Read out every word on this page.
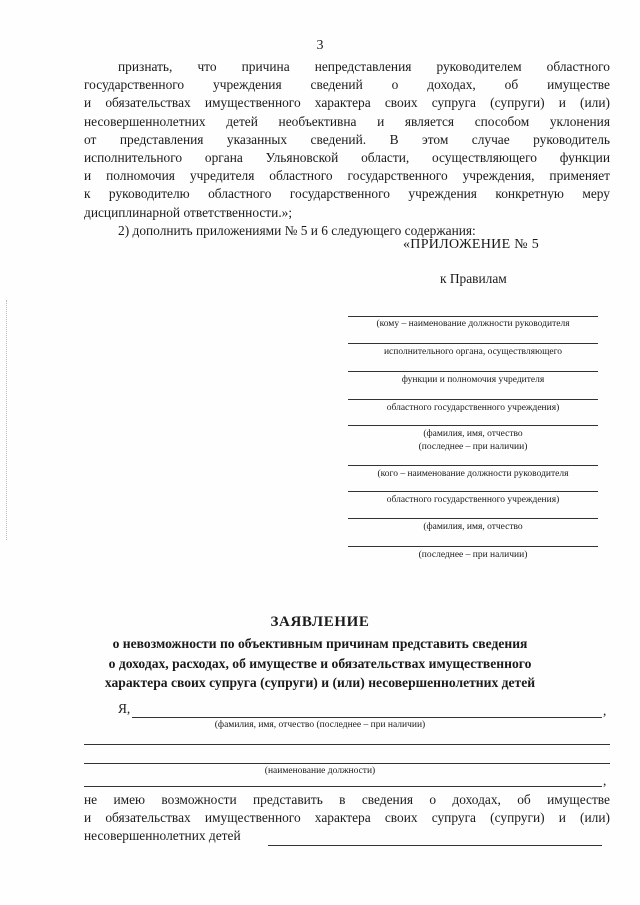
3
признать, что причина непредставления руководителем областного
государственного учреждения сведений о доходах, об имуществе
и обязательствах имущественного характера своих супруга (супруги) и (или)
несовершеннолетних детей необъективна и является способом уклонения
от представления указанных сведений. В этом случае руководитель
исполнительного органа Ульяновской области, осуществляющего функции
и полномочия учредителя областного государственного учреждения, применяет
к руководителю областного государственного учреждения конкретную меру
дисциплинарной ответственности.»;
2) дополнить приложениями № 5 и 6 следующего содержания:
«ПРИЛОЖЕНИЕ № 5
к Правилам
(кому – наименование должности руководителя
исполнительного органа, осуществляющего
функции и полномочия учредителя
областного государственного учреждения)
(фамилия, имя, отчество
(последнее – при наличии)
(кого – наименование должности руководителя
областного государственного учреждения)
(фамилия, имя, отчество
(последнее – при наличии)
ЗАЯВЛЕНИЕ
о невозможности по объективным причинам представить сведения
о доходах, расходах, об имуществе и обязательствах имущественного
характера своих супруга (супруги) и (или) несовершеннолетних детей
Я,	,
(фамилия, имя, отчество (последнее – при наличии)
(наименование должности)
,
не имею возможности представить в сведения о доходах, об имуществе
и обязательствах имущественного характера своих супруга (супруги) и (или)
несовершеннолетних детей
